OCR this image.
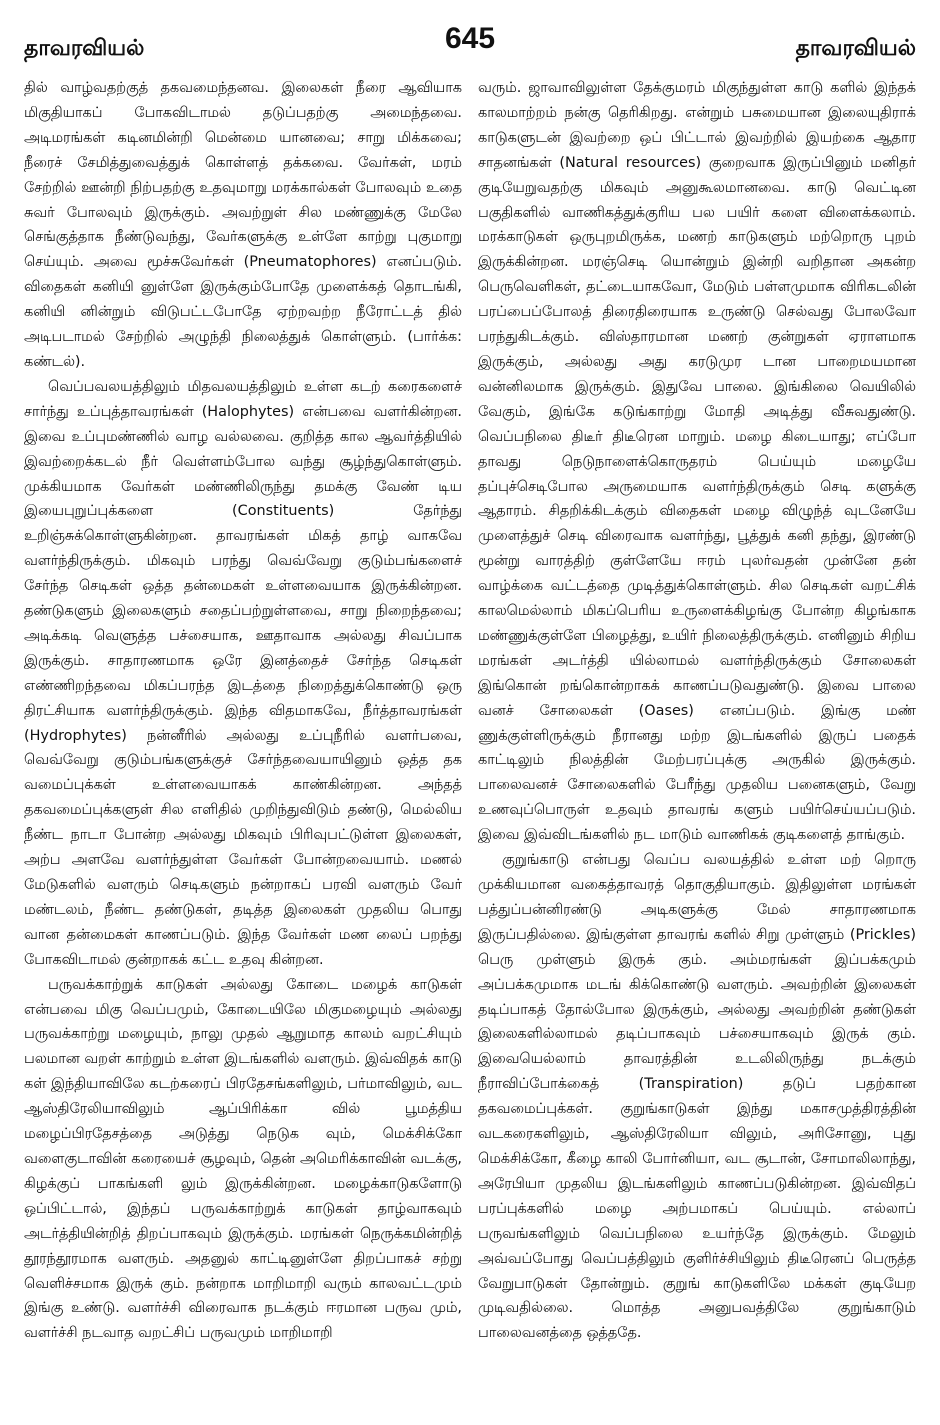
தாவரவியல்	645	தாவரவியல்

தில் வாழ்வதற்குத் தகவமைந்தனவ. இலைகள் நீரை ஆவியாக மிகுதியாகப் போகவிடாமல் தடுப்பதற்கு அமைந்தவை. அடிமரங்கள் கடினமின்றி மென்மை யானவை; சாறு மிக்கவை; நீரைச் சேமித்துவைத்துக் கொள்ளத் தக்கவை. வேர்கள், மரம் சேற்றில் ஊன்றி நிற்பதற்கு உதவுமாறு மரக்கால்கள் போலவும் உதை சுவர் போலவும் இருக்கும். அவற்றுள் சில மண்ணுக்கு மேலே செங்குத்தாக நீண்டுவந்து, வேர்களுக்கு உள்ளே காற்று புகுமாறு செய்யும். அவை மூச்சுவேர்கள் (Pneumatophores) எனப்படும். விதைகள் கனியி னுள்ளே இருக்கும்போதே முளைக்கத் தொடங்கி, கனியி னின்றும் விடுபட்டபோதே ஏற்றவற்ற நீரோட்டத் தில் அடிபடாமல் சேற்றில் அழுந்தி நிலைத்துக் கொள்ளும். (பார்க்க: கண்டல்).

வெப்பவலயத்திலும் மிதவலயத்திலும் உள்ள கடற் கரைகளைச் சார்ந்து உப்புத்தாவரங்கள் (Halophytes) என்பவை வளர்கின்றன. இவை உப்புமண்ணில் வாழ வல்லவை. குறித்த கால ஆவர்த்தியில் இவற்றைக்கடல் நீர் வெள்ளம்போல வந்து சூழ்ந்துகொள்ளும். முக்கியமாக வேர்கள் மண்ணிலிருந்து தமக்கு வேண் டிய இயைபுறுப்புக்களை (Constituents) தேர்ந்து உறிஞ்சுக்கொள்ளுகின்றன. தாவரங்கள் மிகத் தாழ் வாகவே வளர்ந்திருக்கும். மிகவும் பரந்து வெவ்வேறு குடும்பங்களைச் சேர்ந்த செடிகள் ஒத்த தன்மைகள் உள்ளவையாக இருக்கின்றன. தண்டுகளும் இலைகளும் சதைப்பற்றுள்ளவை, சாறு நிறைந்தவை; அடிக்கடி வெளுத்த பச்சையாக, ஊதாவாக அல்லது சிவப்பாக இருக்கும். சாதாரணமாக ஒரே இனத்தைச் சேர்ந்த செடிகள் எண்ணிறந்தவை மிகப்பரந்த இடத்தை நிறைத்துக்கொண்டு ஒரு திரட்சியாக வளர்ந்திருக்கும். இந்த விதமாகவே, நீர்த்தாவரங்கள் (Hydrophytes) நன்னீரில் அல்லது உப்புநீரில் வளர்பவை, வெவ்வேறு குடும்பங்களுக்குச் சேர்ந்தவையாயினும் ஒத்த தக வமைப்புக்கள் உள்ளவையாகக் காண்கின்றன. அந்தத் தகவமைப்புக்களுள் சில எளிதில் முறிந்துவிடும் தண்டு, மெல்லிய நீண்ட நாடா போன்ற அல்லது மிகவும் பிரிவுபட்டுள்ள இலைகள், அற்ப அளவே வளர்ந்துள்ள வேர்கள் போன்றவையாம். மணல் மேடுகளில் வளரும் செடிகளும் நன்றாகப் பரவி வளரும் வேர் மண்டலம், நீண்ட தண்டுகள், தடித்த இலைகள் முதலிய பொது வான தன்மைகள் காணப்படும். இந்த வேர்கள் மண லைப் பறந்து போகவிடாமல் குன்றாகக் கட்ட உதவு கின்றன.

பருவக்காற்றுக் காடுகள் அல்லது கோடை மழைக் காடுகள் என்பவை மிகு வெப்பமும், கோடையிலே மிகுமழையும் அல்லது பருவக்காற்று மழையும், நாலு முதல் ஆறுமாத காலம் வறட்சியும் பலமான வறள் காற்றும் உள்ள இடங்களில் வளரும். இவ்விதக் காடு கள் இந்தியாவிலே கடற்கரைப் பிரதேசங்களிலும், பர்மாவிலும், வட ஆஸ்திரேலியாவிலும் ஆப்பிரிக்கா வில் பூமத்திய மழைப்பிரதேசத்தை அடுத்து நெடுக வும், மெக்சிக்கோ வளைகுடாவின் கரையைச் சூழவும், தென் அமெரிக்காவின் வடக்கு, கிழக்குப் பாகங்களி லும் இருக்கின்றன. மழைக்காடுகளோடு ஒப்பிட்டால், இந்தப் பருவக்காற்றுக் காடுகள் தாழ்வாகவும் அடர்த்தியின்றித் திறப்பாகவும் இருக்கும். மரங்கள் நெருக்கமின்றித் தூரந்தூரமாக வளரும். அதனுல் காட்டினுள்ளே திறப்பாகச் சற்று வெளிச்சமாக இருக் கும். நன்றாக மாறிமாறி வரும் காலவட்டமும் இங்கு உண்டு. வளர்ச்சி விரைவாக நடக்கும் ஈரமான பருவ மும், வளர்ச்சி நடவாத வறட்சிப் பருவமும் மாறிமாறி

வரும். ஜாவாவிலுள்ள தேக்குமரம் மிகுந்துள்ள காடு களில் இந்தக் காலமாற்றம் நன்கு தெரிகிறது. என்றும் பசுமையான இலையுதிராக் காடுகளுடன் இவற்றை ஒப் பிட்டால் இவற்றில் இயற்கை ஆதார சாதனங்கள் (Natural resources) குறைவாக இருப்பினும் மனிதர் குடியேறுவதற்கு மிகவும் அனுகூலமானவை. காடு வெட்டின பகுதிகளில் வாணிகத்துக்குரிய பல பயிர் களை விளைக்கலாம். மரக்காடுகள் ஒருபுறமிருக்க, மணற் காடுகளும் மற்றொரு புறம் இருக்கின்றன. மரஞ்செடி யொன்றும் இன்றி வறிதான அகன்ற பெருவெளிகள், தட்டையாகவோ, மேடும் பள்ளமுமாக விரிகடலின் பரப்பைப்போலத் திரைதிரையாக உருண்டு செல்வது போலவோ பரந்துகிடக்கும். விஸ்தாரமான மணற் குன்றுகள் ஏராளமாக இருக்கும், அல்லது அது கரடுமுர டான பாறைமயமான வன்னிலமாக இருக்கும். இதுவே பாலை. இங்கிலை வெயிலில் வேகும், இங்கே கடுங்காற்று மோதி அடித்து வீசுவதுண்டு. வெப்பநிலை திடீர் திடீரென மாறும். மழை கிடையாது; எப்போ தாவது நெடுநாளைக்கொருதரம் பெய்யும் மழையே தப்புச்செடிபோல அருமையாக வளர்ந்திருக்கும் செடி களுக்கு ஆதாரம். சிதறிக்கிடக்கும் விதைகள் மழை விழுந்த் வுடனேயே முளைத்துச் செடி விரைவாக வளர்ந்து, பூத்துக் கனி தந்து, இரண்டு மூன்று வாரத்திற் குள்ளேயே ஈரம் புலர்வதன் முன்னே தன் வாழ்க்கை வட்டத்தை முடித்துக்கொள்ளும். சில செடிகள் வறட்சிக் காலமெல்லாம் மிகப்பெரிய உருளைக்கிழங்கு போன்ற கிழங்காக மண்ணுக்குள்ளே பிழைத்து, உயிர் நிலைத்திருக்கும். எனினும் சிறிய மரங்கள் அடர்த்தி யில்லாமல் வளர்ந்திருக்கும் சோலைகள் இங்கொன் றங்கொன்றாகக் காணப்படுவதுண்டு. இவை பாலை வனச் சோலைகள் (Oases) எனப்படும். இங்கு மண் ணுக்குள்ளிருக்கும் நீரானது மற்ற இடங்களில் இருப் பதைக் காட்டிலும் நிலத்தின் மேற்பரப்புக்கு அருகில் இருக்கும். பாலைவனச் சோலைகளில் பேரீந்து முதலிய பனைகளும், வேறு உணவுப்பொருள் உதவும் தாவரங் களும் பயிர்செய்யப்படும். இவை இவ்விடங்களில் நட மாடும் வாணிகக் குடிகளைத் தாங்கும்.

குறுங்காடு என்பது வெப்ப வலயத்தில் உள்ள மற் றொரு முக்கியமான வகைத்தாவரத் தொகுதியாகும். இதிலுள்ள மரங்கள் பத்துப்பன்னிரண்டு அடிகளுக்கு மேல் சாதாரணமாக இருப்பதில்லை. இங்குள்ள தாவரங் களில் சிறு முள்ளும் (Prickles) பெரு முள்ளும் இருக் கும். அம்மரங்கள் இப்பக்கமும் அப்பக்கமுமாக மடங் கிக்கொண்டு வளரும். அவற்றின் இலைகள் தடிப்பாகத் தோல்போல இருக்கும், அல்லது அவற்றின் தண்டுகள் இலைகளில்லாமல் தடிப்பாகவும் பச்சையாகவும் இருக் கும். இவையெல்லாம் தாவரத்தின் உடலிலிருந்து நடக்கும் நீராவிப்போக்கைத் (Transpiration) தடுப் பதற்கான தகவமைப்புக்கள். குறுங்காடுகள் இந்து மகாசமுத்திரத்தின் வடகரைகளிலும், ஆஸ்திரேலியா விலும், அரிசோனு, புது மெக்சிக்கோ, கீழை காலி போர்னியா, வட சூடான், சோமாலிலாந்து, அரேபியா முதலிய இடங்களிலும் காணப்படுகின்றன. இவ்விதப் பரப்புக்களில் மழை அற்பமாகப் பெய்யும். எல்லாப் பருவங்களிலும் வெப்பநிலை உயர்ந்தே இருக்கும். மேலும் அவ்வப்போது வெப்பத்திலும் குளிர்ச்சியிலும் திடீரெனப் பெருத்த வேறுபாடுகள் தோன்றும். குறுங் காடுகளிலே மக்கள் குடியேற முடிவதில்லை. மொத்த அனுபவத்திலே குறுங்காடும் பாலைவனத்தை ஒத்ததே.
